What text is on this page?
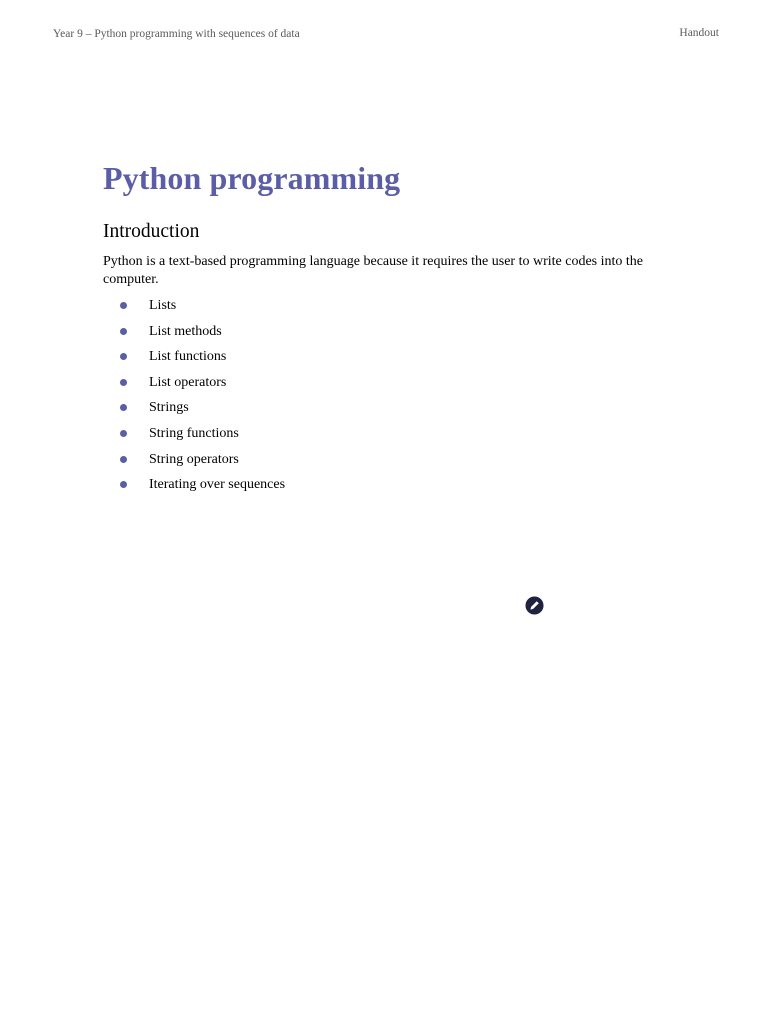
Year 9 – Python programming with sequences of data	Handout
Python programming
Introduction

Python is a text-based programming language because it requires the user to write codes into the computer.

Lists
List methods
List functions
List operators
Strings
String functions
String operators
Iterating over sequences
